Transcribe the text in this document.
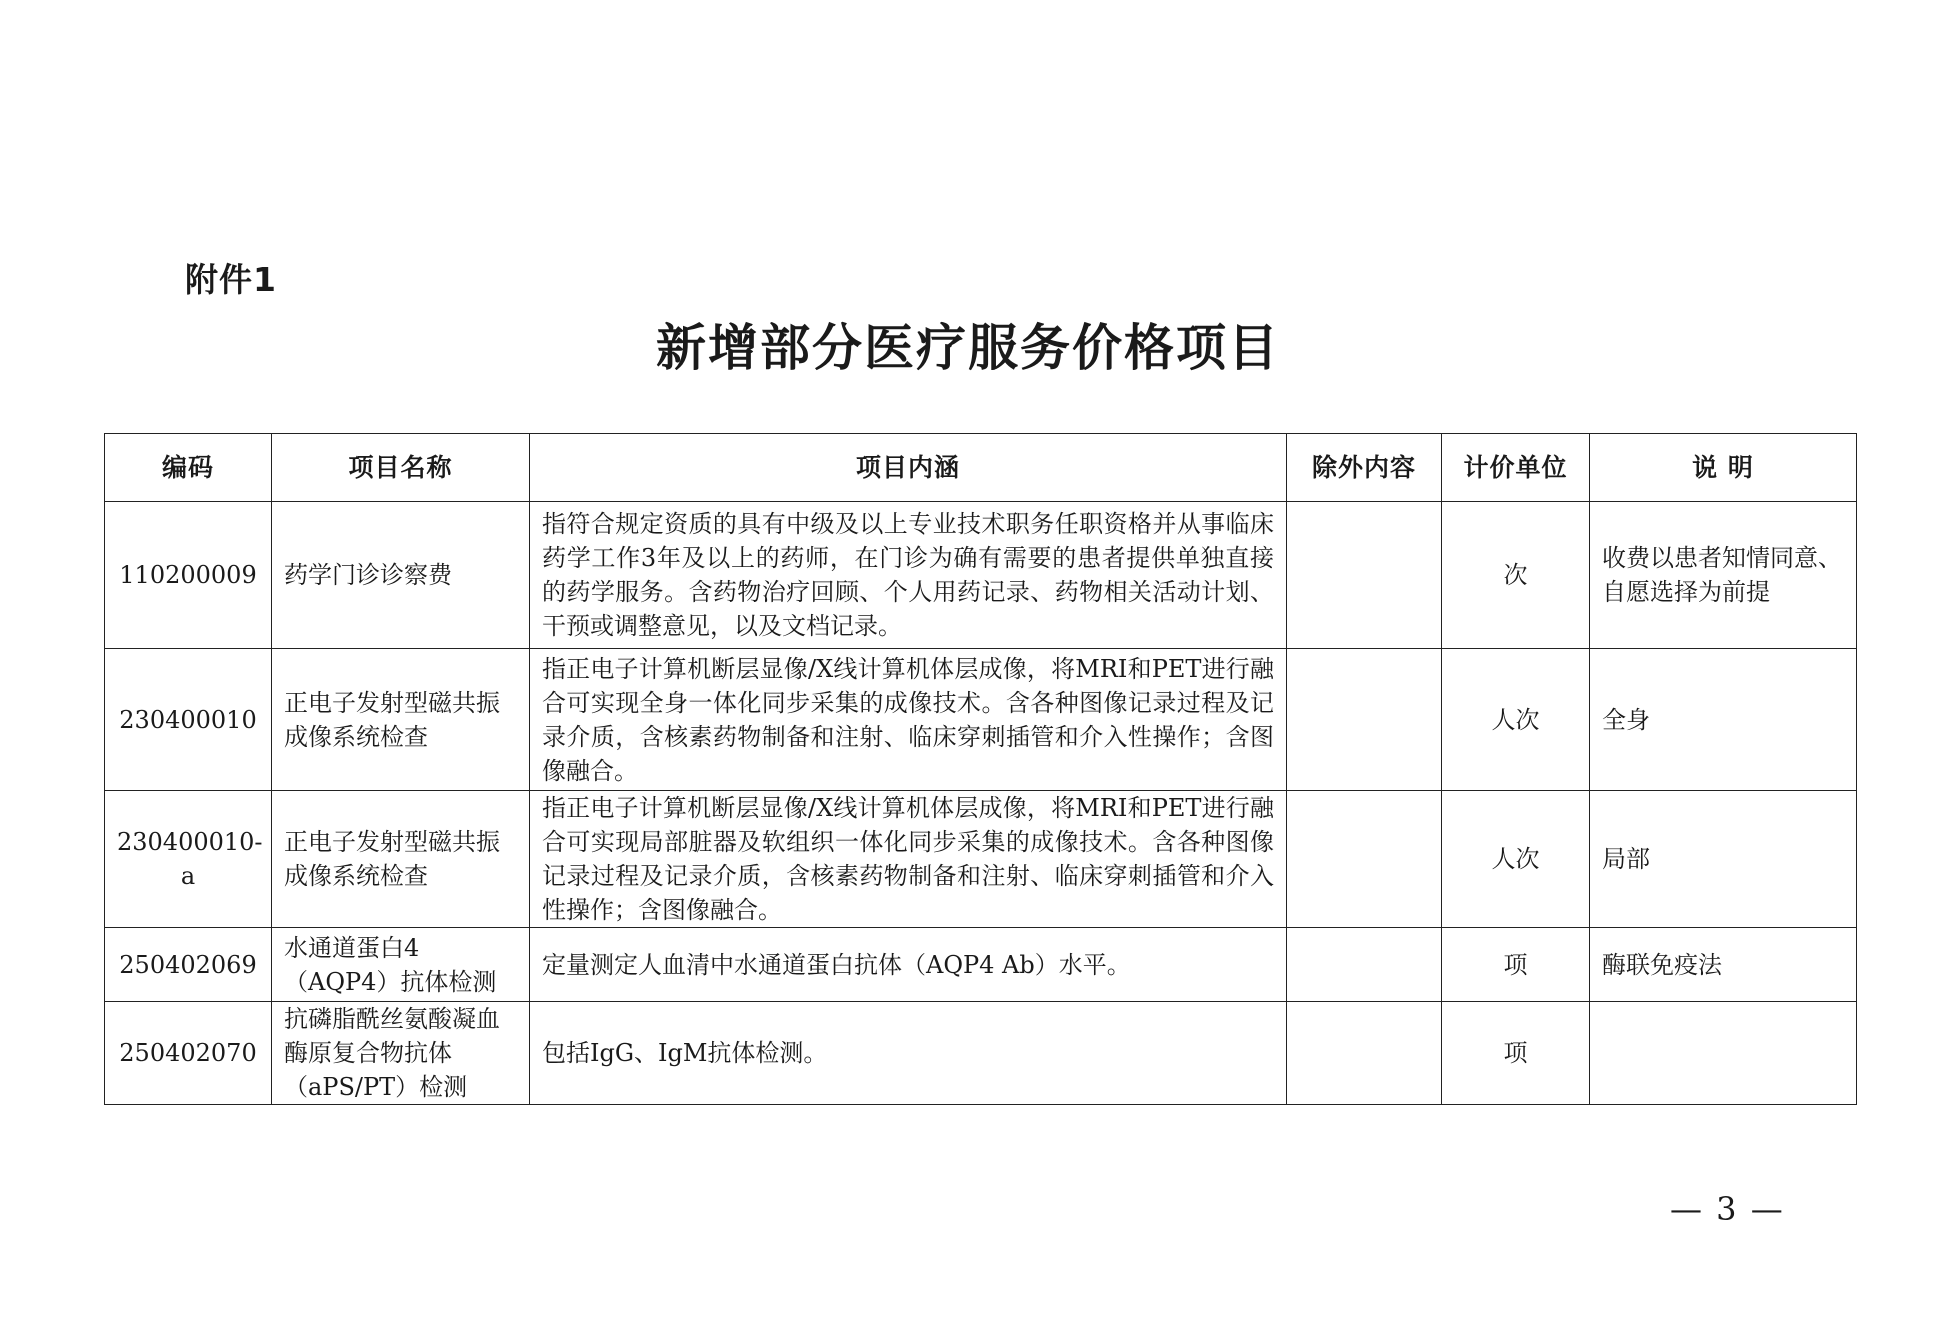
附件1
新增部分医疗服务价格项目
编码	项目名称	项目内涵	除外内容	计价单位	说 明
110200009	药学门诊诊察费	指符合规定资质的具有中级及以上专业技术职务任职资格并从事临床药学工作3年及以上的药师，在门诊为确有需要的患者提供单独直接的药学服务。含药物治疗回顾、个人用药记录、药物相关活动计划、干预或调整意见，以及文档记录。		次	收费以患者知情同意、自愿选择为前提
230400010	正电子发射型磁共振成像系统检查	指正电子计算机断层显像/X线计算机体层成像，将MRI和PET进行融合可实现全身一体化同步采集的成像技术。含各种图像记录过程及记录介质，含核素药物制备和注射、临床穿刺插管和介入性操作；含图像融合。		人次	全身
230400010-a	正电子发射型磁共振成像系统检查	指正电子计算机断层显像/X线计算机体层成像，将MRI和PET进行融合可实现局部脏器及软组织一体化同步采集的成像技术。含各种图像记录过程及记录介质，含核素药物制备和注射、临床穿刺插管和介入性操作；含图像融合。		人次	局部
250402069	水通道蛋白4（AQP4）抗体检测	定量测定人血清中水通道蛋白抗体（AQP4 Ab）水平。		项	酶联免疫法
250402070	抗磷脂酰丝氨酸凝血酶原复合物抗体（aPS/PT）检测	包括IgG、IgM抗体检测。		项	
— 3 —
